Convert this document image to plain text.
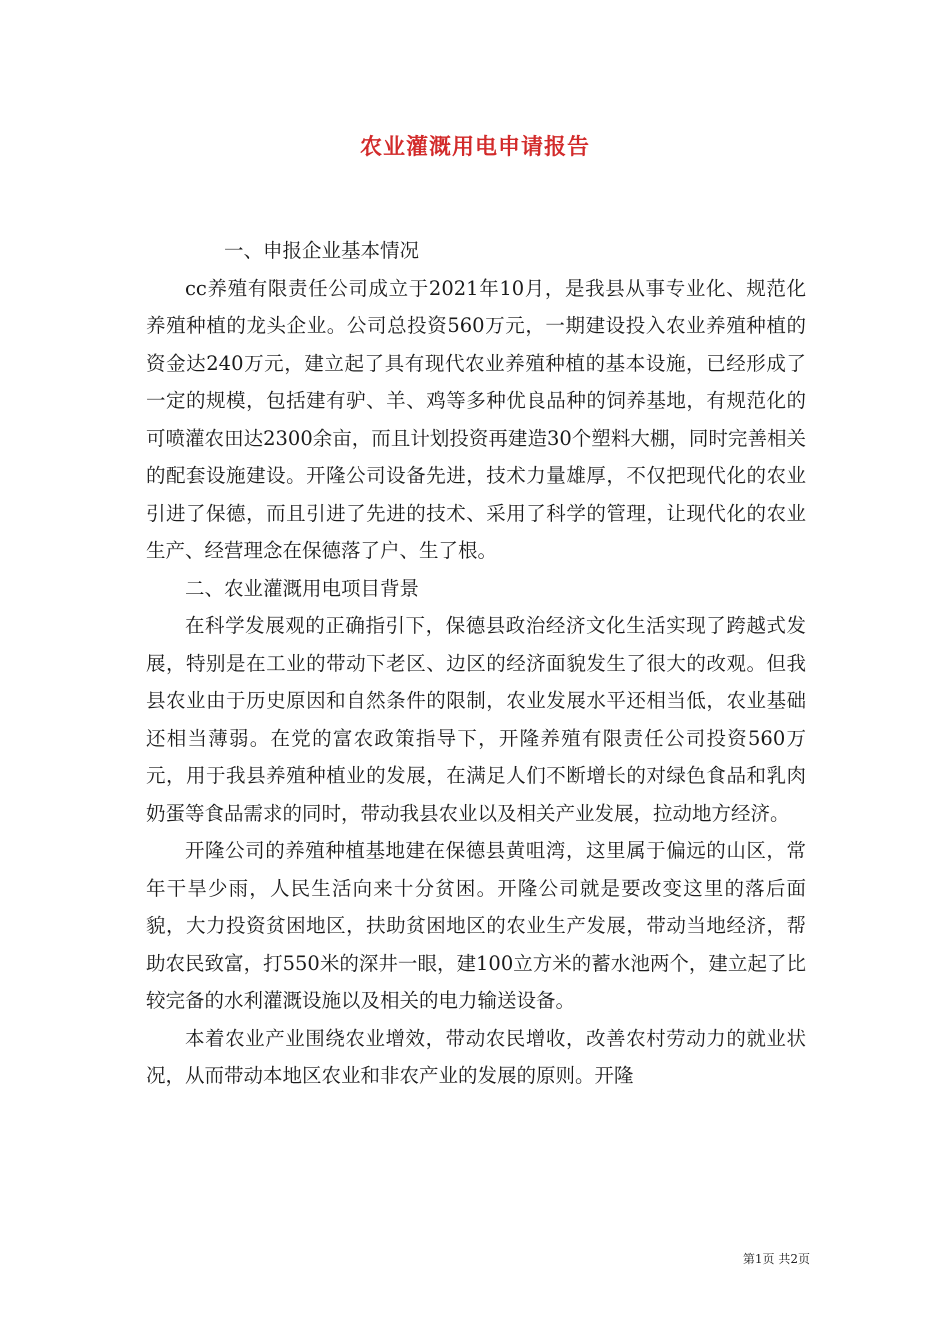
农业灌溉用电申请报告

一、申报企业基本情况

cc养殖有限责任公司成立于2021年10月，是我县从事专业化、规范化养殖种植的龙头企业。公司总投资560万元，一期建设投入农业养殖种植的资金达240万元，建立起了具有现代农业养殖种植的基本设施，已经形成了一定的规模，包括建有驴、羊、鸡等多种优良品种的饲养基地，有规范化的可喷灌农田达2300余亩，而且计划投资再建造30个塑料大棚，同时完善相关的配套设施建设。开隆公司设备先进，技术力量雄厚，不仅把现代化的农业引进了保德，而且引进了先进的技术、采用了科学的管理，让现代化的农业生产、经营理念在保德落了户、生了根。

二、农业灌溉用电项目背景

在科学发展观的正确指引下，保德县政治经济文化生活实现了跨越式发展，特别是在工业的带动下老区、边区的经济面貌发生了很大的改观。但我县农业由于历史原因和自然条件的限制，农业发展水平还相当低，农业基础还相当薄弱。在党的富农政策指导下，开隆养殖有限责任公司投资560万元，用于我县养殖种植业的发展，在满足人们不断增长的对绿色食品和乳肉奶蛋等食品需求的同时，带动我县农业以及相关产业发展，拉动地方经济。

开隆公司的养殖种植基地建在保德县黄咀湾，这里属于偏远的山区，常年干旱少雨，人民生活向来十分贫困。开隆公司就是要改变这里的落后面貌，大力投资贫困地区，扶助贫困地区的农业生产发展，带动当地经济，帮助农民致富，打550米的深井一眼，建100立方米的蓄水池两个，建立起了比较完备的水利灌溉设施以及相关的电力输送设备。

本着农业产业围绕农业增效，带动农民增收，改善农村劳动力的就业状况，从而带动本地区农业和非农产业的发展的原则。开隆

第1页 共2页
